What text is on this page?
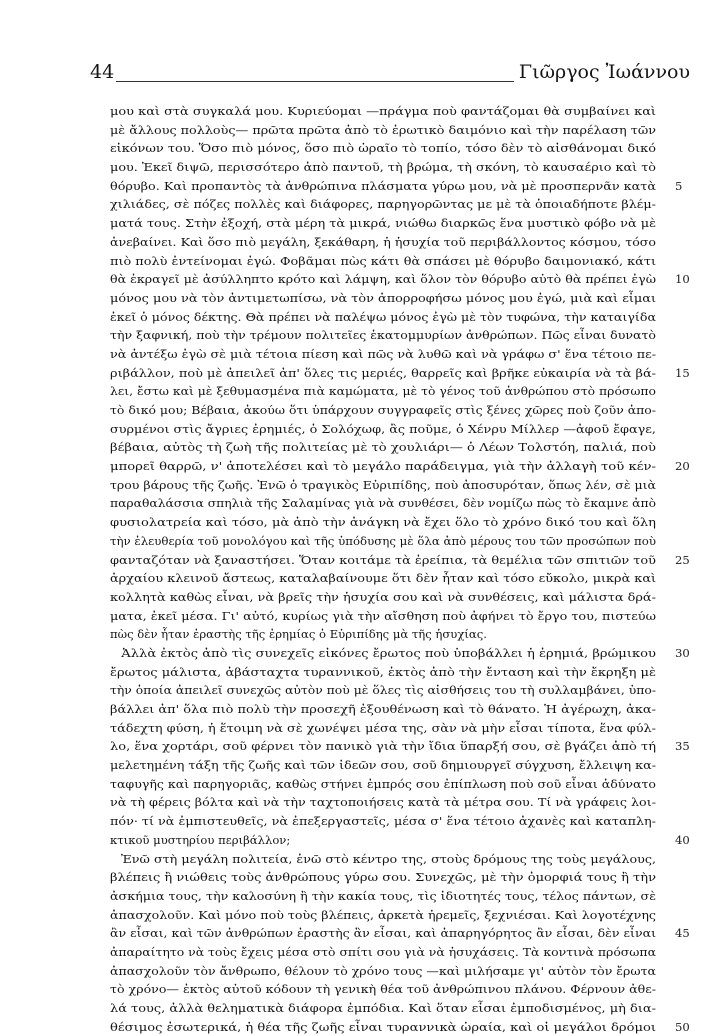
44	Γιῶργος Ἰωάννου
μου καὶ στὰ συγκαλά μου. Κυριεύομαι —πράγμα ποὺ φαντάζομαι θὰ συμβαίνει καὶ
μὲ ἄλλους πολλοὺς— πρῶτα πρῶτα ἀπὸ τὸ ἐρωτικὸ δαιμόνιο καὶ τὴν παρέλαση τῶν
εἰκόνων του. Ὅσο πιὸ μόνος, ὅσο πιὸ ὡραῖο τὸ τοπίο, τόσο δὲν τὸ αἰσθάνομαι δικό
μου. Ἐκεῖ διψῶ, περισσότερο ἀπὸ παντοῦ, τὴ βρώμα, τὴ σκόνη, τὸ καυσαέριο καὶ τὸ
θόρυβο. Καὶ προπαντὸς τὰ ἀνθρώπινα πλάσματα γύρω μου, νὰ μὲ προσπερνᾶν κατὰ 5
χιλιάδες, σὲ πόζες πολλὲς καὶ διάφορες, παρηγορῶντας με μὲ τὰ ὁποιαδήποτε βλέμ-
ματά τους. Στὴν ἐξοχή, στὰ μέρη τὰ μικρά, νιώθω διαρκῶς ἕνα μυστικὸ φόβο νὰ μὲ
ἀνεβαίνει. Καὶ ὅσο πιὸ μεγάλη, ξεκάθαρη, ἡ ἡσυχία τοῦ περιβάλλοντος κόσμου, τόσο
πιὸ πολὺ ἐντείνομαι ἐγώ. Φοβᾶμαι πὼς κάτι θὰ σπάσει μὲ θόρυβο δαιμονιακό, κάτι
θὰ ἐκραγεῖ μὲ ἀσύλληπτο κρότο καὶ λάμψη, καὶ ὅλον τὸν θόρυβο αὐτὸ θὰ πρέπει ἐγὼ 10
μόνος μου νὰ τὸν ἀντιμετωπίσω, νὰ τὸν ἀπορροφήσω μόνος μου ἐγώ, μιὰ καὶ εἶμαι
ἐκεῖ ὁ μόνος δέκτης. Θὰ πρέπει νὰ παλέψω μόνος ἐγὼ μὲ τὸν τυφώνα, τὴν καταιγίδα
τὴν ξαφνική, ποὺ τὴν τρέμουν πολιτεῖες ἑκατομμυρίων ἀνθρώπων. Πῶς εἶναι δυνατὸ
νὰ ἀντέξω ἐγὼ σὲ μιὰ τέτοια πίεση καὶ πῶς νὰ λυθῶ καὶ νὰ γράφω σ' ἕνα τέτοιο πε-
ριβάλλον, ποὺ μὲ ἀπειλεῖ ἀπ' ὅλες τις μεριές, θαρρεῖς καὶ βρῆκε εὐκαιρία νὰ τὰ βά- 15
λει, ἔστω καὶ μὲ ξεθυμασμένα πιὰ καμώματα, μὲ τὸ γένος τοῦ ἀνθρώπου στὸ πρόσωπο
τὸ δικό μου; Βέβαια, ἀκούω ὅτι ὑπάρχουν συγγραφεῖς στὶς ξένες χῶρες ποὺ ζοῦν ἀπο-
συρμένοι στὶς ἄγριες ἐρημιές, ὁ Σολόχωφ, ἂς ποῦμε, ὁ Χένρυ Μίλλερ —ἀφοῦ ἔφαγε,
βέβαια, αὐτὸς τὴ ζωὴ τῆς πολιτείας μὲ τὸ χουλιάρι— ὁ Λέων Τολστόη, παλιά, ποὺ
μπορεῖ θαρρῶ, ν' ἀποτελέσει καὶ τὸ μεγάλο παράδειγμα, γιὰ τὴν ἀλλαγὴ τοῦ κέν- 20
τρου βάρους τῆς ζωῆς. Ἐνῶ ὁ τραγικὸς Εὐριπίδης, ποὺ ἀποσυρόταν, ὅπως λέν, σὲ μιὰ
παραθαλάσσια σπηλιὰ τῆς Σαλαμίνας γιὰ νὰ συνθέσει, δὲν νομίζω πὼς τὸ ἔκαμνε ἀπὸ
φυσιολατρεία καὶ τόσο, μὰ ἀπὸ τὴν ἀνάγκη νὰ ἔχει ὅλο τὸ χρόνο δικό του καὶ ὅλη
τὴν ἐλευθερία τοῦ μονολόγου καὶ τῆς ὑπόδυσης μὲ ὅλα ἀπὸ μέρους του τῶν προσώπων ποὺ
φανταζόταν νὰ ξαναστήσει. Ὅταν κοιτάμε τὰ ἐρείπια, τὰ θεμέλια τῶν σπιτιῶν τοῦ 25
ἀρχαίου κλεινοῦ ἄστεως, καταλαβαίνουμε ὅτι δὲν ἦταν καὶ τόσο εὔκολο, μικρὰ καὶ
κολλητὰ καθὼς εἶναι, νὰ βρεῖς τὴν ἡσυχία σου καὶ νὰ συνθέσεις, καὶ μάλιστα δρά-
ματα, ἐκεῖ μέσα. Γι' αὐτό, κυρίως γιὰ τὴν αἴσθηση ποὺ ἀφήνει τὸ ἔργο του, πιστεύω
πὼς δὲν ἦταν ἐραστὴς τῆς ἐρημίας ὁ Εὐριπίδης μὰ τῆς ἡσυχίας.
Ἀλλὰ ἐκτὸς ἀπὸ τὶς συνεχεῖς εἰκόνες ἔρωτος ποὺ ὑποβάλλει ἡ ἐρημιά, βρώμικου 30
ἔρωτος μάλιστα, ἀβάσταχτα τυραννικοῦ, ἐκτὸς ἀπὸ τὴν ἔνταση καὶ τὴν ἔκρηξη μὲ
τὴν ὁποία ἀπειλεῖ συνεχῶς αὐτὸν ποὺ μὲ ὅλες τὶς αἰσθήσεις του τὴ συλλαμβάνει, ὑπο-
βάλλει ἀπ' ὅλα πιὸ πολὺ τὴν προσεχῆ ἐξουθένωση καὶ τὸ θάνατο. Ἡ ἀγέρωχη, ἀκα-
τάδεχτη φύση, ἡ ἕτοιμη νὰ σὲ χωνέψει μέσα της, σὰν νὰ μὴν εἶσαι τίποτα, ἕνα φύλ-
λο, ἕνα χορτάρι, σοῦ φέρνει τὸν πανικὸ γιὰ τὴν ἴδια ὕπαρξή σου, σὲ βγάζει ἀπὸ τή 35
μελετημένη τάξη τῆς ζωῆς καὶ τῶν ἰδεῶν σου, σοῦ δημιουργεῖ σύγχυση, ἔλλειψη κα-
ταφυγῆς καὶ παρηγοριᾶς, καθὼς στήνει ἐμπρός σου ἐπίπλωση ποὺ σοῦ εἶναι ἀδύνατο
νὰ τὴ φέρεις βόλτα καὶ νὰ τὴν ταχτοποιήσεις κατὰ τὰ μέτρα σου. Τί νὰ γράφεις λοι-
πόν· τί νὰ ἐμπιστευθεῖς, νὰ ἐπεξεργαστεῖς, μέσα σ' ἕνα τέτοιο ἀχανὲς καὶ καταπλη-
κτικοῦ μυστηρίου περιβάλλον;	40
Ἐνῶ στὴ μεγάλη πολιτεία, ἐνῶ στὸ κέντρο της, στοὺς δρόμους της τοὺς μεγάλους,
βλέπεις ἢ νιώθεις τοὺς ἀνθρώπους γύρω σου. Συνεχῶς, μὲ τὴν ὀμορφιά τους ἢ τὴν
ἀσκήμια τους, τὴν καλοσύνη ἢ τὴν κακία τους, τὶς ἰδιοτητές τους, τέλος πάντων, σὲ
ἀπασχολοῦν. Καὶ μόνο ποὺ τοὺς βλέπεις, ἀρκετὰ ἠρεμεῖς, ξεχνιέσαι. Καὶ λογοτέχνης
ἂν εἶσαι, καὶ τῶν ἀνθρώπων ἐραστὴς ἂν εἶσαι, καὶ ἀπαρηγόρητος ἂν εἶσαι, δὲν εἶναι 45
ἀπαραίτητο νὰ τοὺς ἔχεις μέσα στὸ σπίτι σου γιὰ νὰ ἡσυχάσεις. Τὰ κοντινὰ πρόσωπα
ἀπασχολοῦν τὸν ἄνθρωπο, θέλουν τὸ χρόνο τους —καὶ μιλήσαμε γι' αὐτὸν τὸν ἔρωτα
τὸ χρόνο— ἐκτὸς αὐτοῦ κόδουν τὴ γενικὴ θέα τοῦ ἀνθρώπινου πλάνου. Φέρνουν ἀθε-
λά τους, ἀλλὰ θεληματικὰ διάφορα ἐμπόδια. Καὶ ὅταν εἶσαι ἐμποδισμένος, μὴ δια-
θέσιμος ἐσωτερικά, ἡ θέα τῆς ζωῆς εἶναι τυραννικὰ ὡραία, καὶ οἱ μεγάλοι δρόμοι 50
